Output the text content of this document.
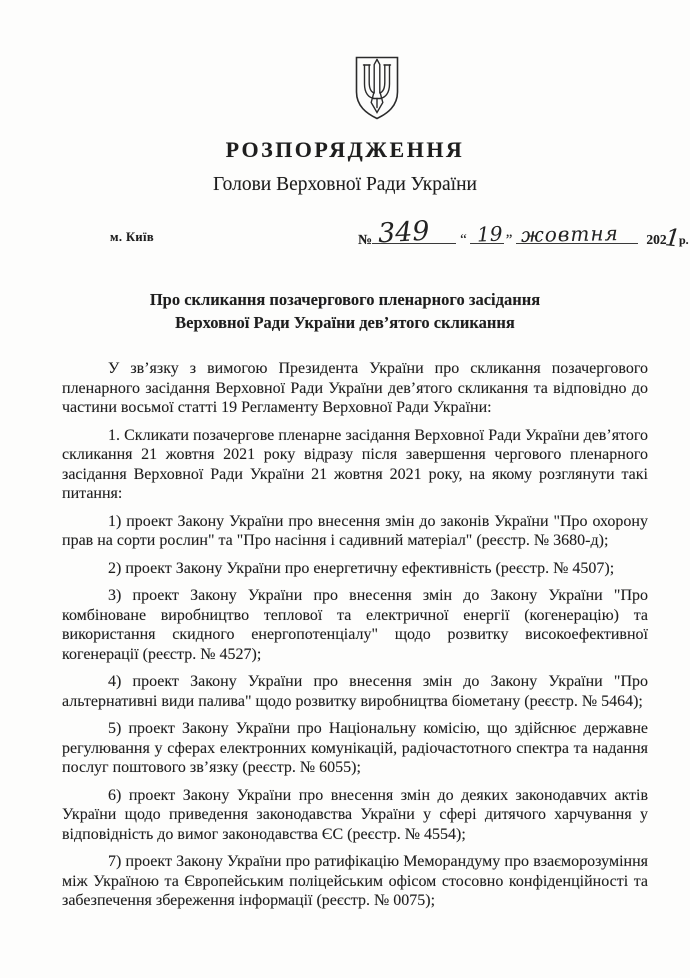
РОЗПОРЯДЖЕННЯ
Голови Верховної Ради України
м. Київ	№ 349 “ 19 ” жовтня 2021р.
Про скликання позачергового пленарного засідання
Верховної Ради України дев’ятого скликання

У зв’язку з вимогою Президента України про скликання позачергового пленарного засідання Верховної Ради України дев’ятого скликання та відповідно до частини восьмої статті 19 Регламенту Верховної Ради України:

1. Скликати позачергове пленарне засідання Верховної Ради України дев’ятого скликання 21 жовтня 2021 року відразу після завершення чергового пленарного засідання Верховної Ради України 21 жовтня 2021 року, на якому розглянути такі питання:

1) проект Закону України про внесення змін до законів України "Про охорону прав на сорти рослин" та "Про насіння і садивний матеріал" (реєстр. № 3680-д);

2) проект Закону України про енергетичну ефективність (реєстр. № 4507);

3) проект Закону України про внесення змін до Закону України "Про комбіноване виробництво теплової та електричної енергії (когенерацію) та використання скидного енергопотенціалу" щодо розвитку високоефективної когенерації (реєстр. № 4527);

4) проект Закону України про внесення змін до Закону України "Про альтернативні види палива" щодо розвитку виробництва біометану (реєстр. № 5464);

5) проект Закону України про Національну комісію, що здійснює державне регулювання у сферах електронних комунікацій, радіочастотного спектра та надання послуг поштового зв’язку (реєстр. № 6055);

6) проект Закону України про внесення змін до деяких законодавчих актів України щодо приведення законодавства України у сфері дитячого харчування у відповідність до вимог законодавства ЄС (реєстр. № 4554);

7) проект Закону України про ратифікацію Меморандуму про взаєморозуміння між Україною та Європейським поліцейським офісом стосовно конфіденційності та забезпечення збереження інформації (реєстр. № 0075);
